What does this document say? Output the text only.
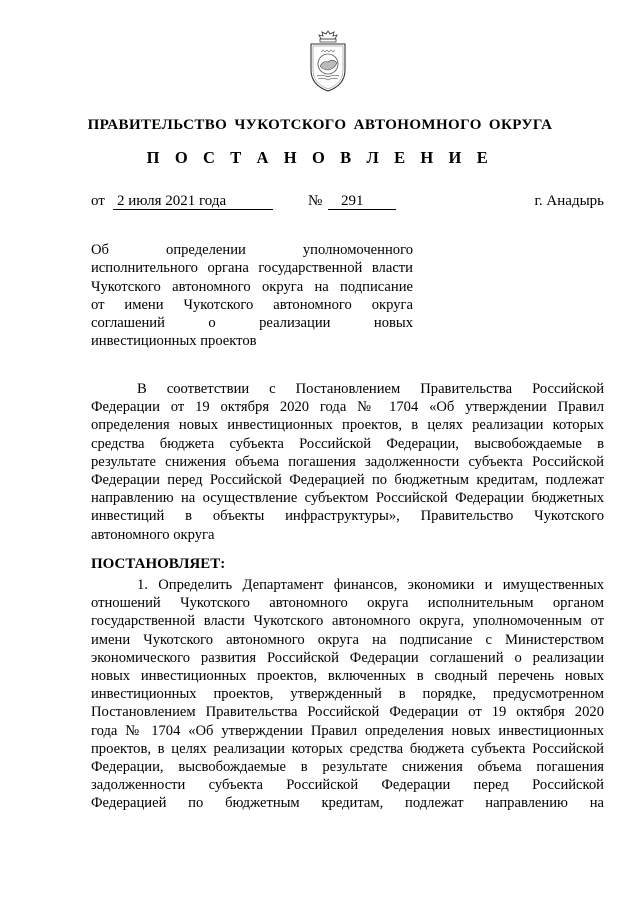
ПРАВИТЕЛЬСТВО ЧУКОТСКОГО АВТОНОМНОГО ОКРУГА
П О С Т А Н О В Л Е Н И Е
от 2 июля 2021 года	№ 291	г. Анадырь
Об определении уполномоченного
исполнительного органа государственной власти
Чукотского автономного округа на подписание
от имени Чукотского автономного округа
соглашений о реализации новых
инвестиционных проектов
В соответствии с Постановлением Правительства Российской
Федерации от 19 октября 2020 года № 1704 «Об утверждении Правил
определения новых инвестиционных проектов, в целях реализации которых
средства бюджета субъекта Российской Федерации, высвобождаемые в
результате снижения объема погашения задолженности субъекта Российской
Федерации перед Российской Федерацией по бюджетным кредитам, подлежат
направлению на осуществление субъектом Российской Федерации бюджетных
инвестиций в объекты инфраструктуры», Правительство Чукотского
автономного округа
ПОСТАНОВЛЯЕТ:
1. Определить Департамент финансов, экономики и имущественных
отношений Чукотского автономного округа исполнительным органом
государственной власти Чукотского автономного округа, уполномоченным от
имени Чукотского автономного округа на подписание с Министерством
экономического развития Российской Федерации соглашений о реализации
новых инвестиционных проектов, включенных в сводный перечень новых
инвестиционных проектов, утвержденный в порядке, предусмотренном
Постановлением Правительства Российской Федерации от 19 октября 2020
года № 1704 «Об утверждении Правил определения новых инвестиционных
проектов, в целях реализации которых средства бюджета субъекта Российской
Федерации, высвобождаемые в результате снижения объема погашения
задолженности субъекта Российской Федерации перед Российской
Федерацией по бюджетным кредитам, подлежат направлению на
